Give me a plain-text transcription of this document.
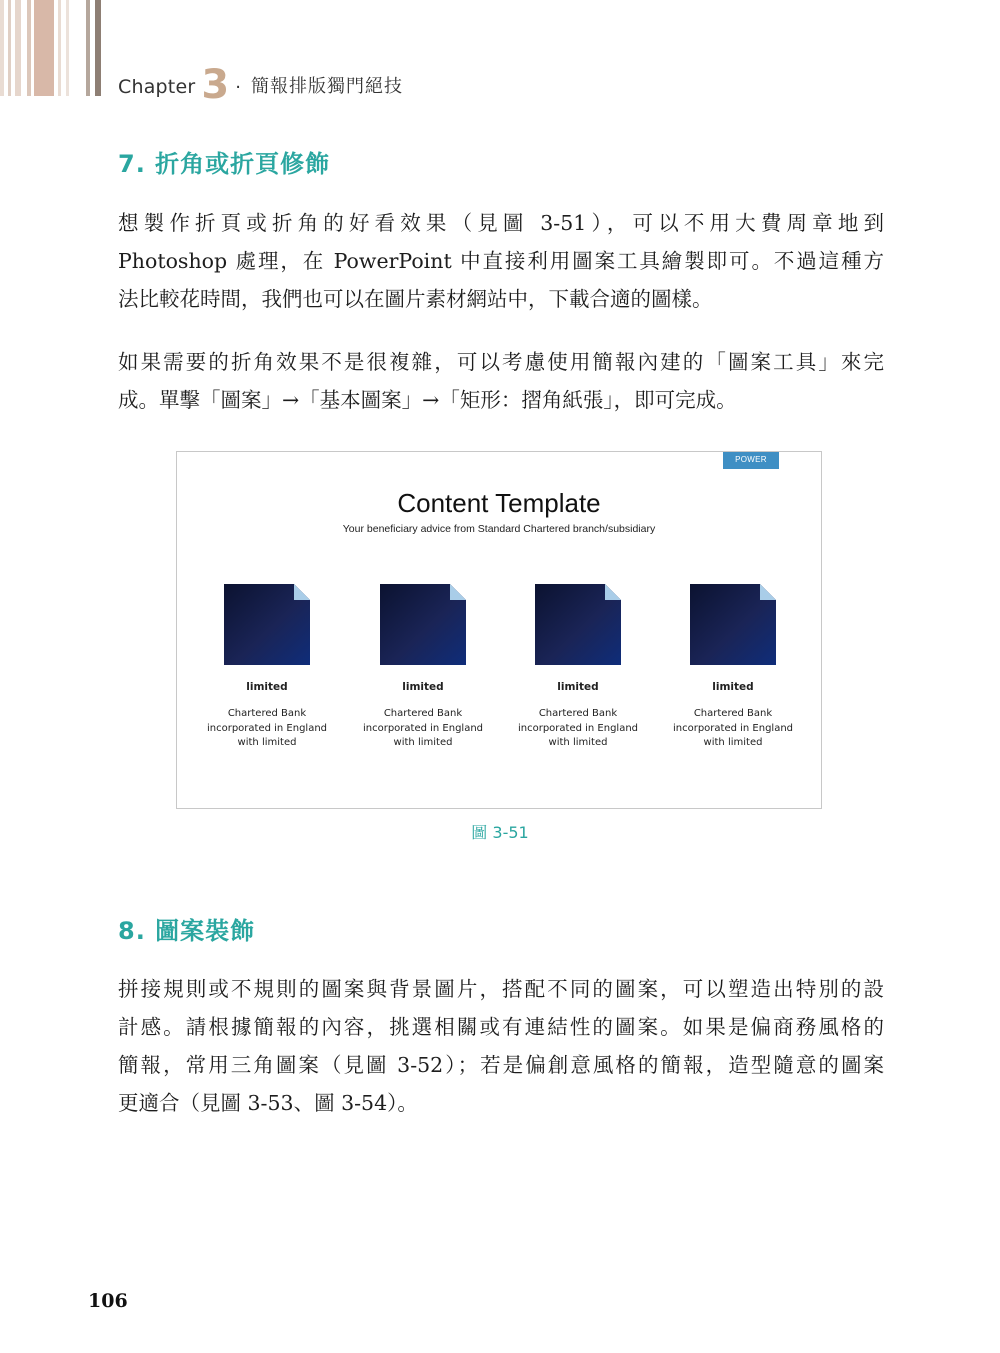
Chapter 3 · 簡報排版獨門絕技
7. 折角或折頁修飾

想製作折頁或折角的好看效果（見圖 3-51），可以不用大費周章地到
Photoshop 處理，在 PowerPoint 中直接利用圖案工具繪製即可。不過這種方
法比較花時間，我們也可以在圖片素材網站中，下載合適的圖樣。

如果需要的折角效果不是很複雜，可以考慮使用簡報內建的「圖案工具」來完
成。單擊「圖案」→「基本圖案」→「矩形：摺角紙張」，即可完成。

POWER
Content Template
Your beneficiary advice from Standard Chartered branch/subsidiary
limited
Chartered Bank
incorporated in England
with limited
limited
Chartered Bank
incorporated in England
with limited
limited
Chartered Bank
incorporated in England
with limited
limited
Chartered Bank
incorporated in England
with limited
圖 3-51
8. 圖案裝飾

拼接規則或不規則的圖案與背景圖片，搭配不同的圖案，可以塑造出特別的設
計感。請根據簡報的內容，挑選相關或有連結性的圖案。如果是偏商務風格的
簡報，常用三角圖案（見圖 3-52）；若是偏創意風格的簡報，造型隨意的圖案
更適合（見圖 3-53、圖 3-54）。

106
